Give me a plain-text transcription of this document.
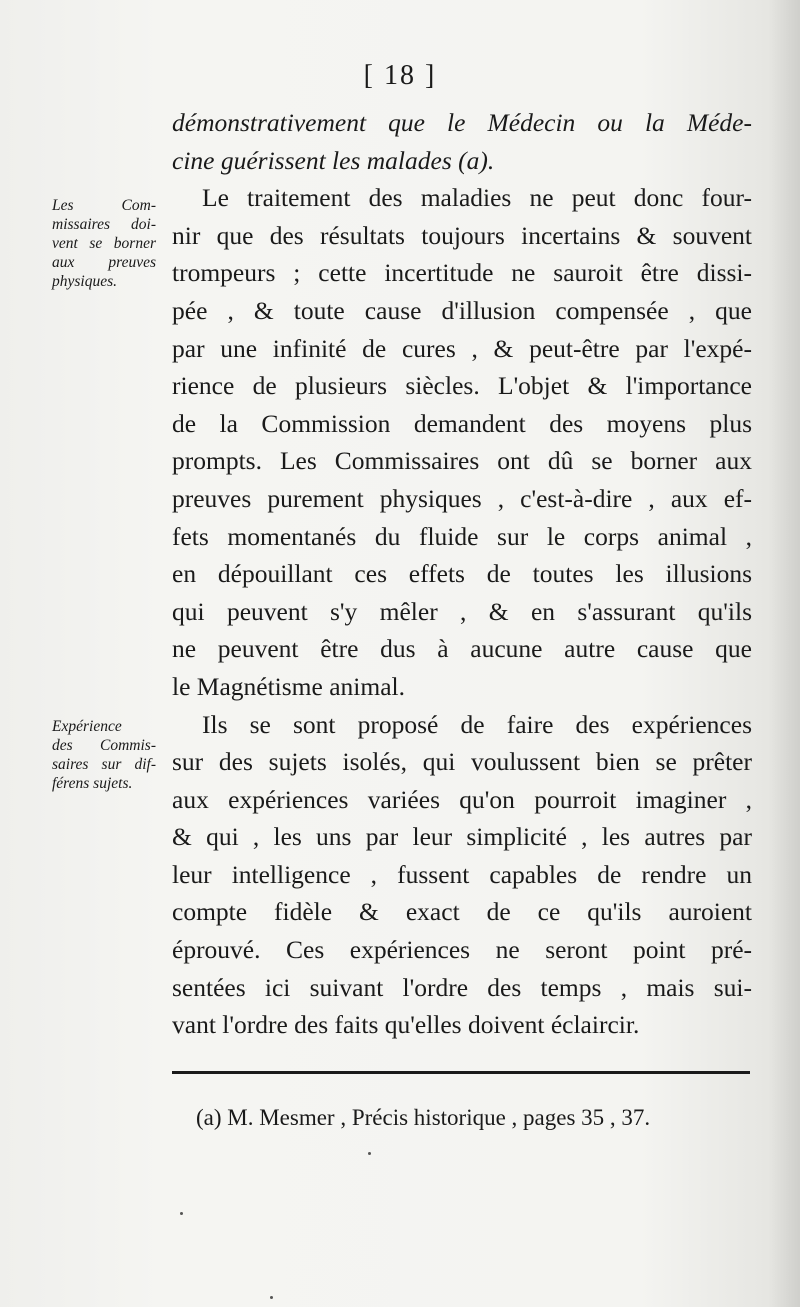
[ 18 ]
Les Com-
missaires doi-
vent se borner
aux preuves
physiques.
Expérience
des Commis-
saires sur dif-
férens sujets.
démonstrativement que le Médecin ou la Méde-
cine guérissent les malades (a).
Le traitement des maladies ne peut donc four-
nir que des résultats toujours incertains & souvent
trompeurs ; cette incertitude ne sauroit être dissi-
pée , & toute cause d'illusion compensée , que
par une infinité de cures , & peut-être par l'expé-
rience de plusieurs siècles. L'objet & l'importance
de la Commission demandent des moyens plus
prompts. Les Commissaires ont dû se borner aux
preuves purement physiques , c'est-à-dire , aux ef-
fets momentanés du fluide sur le corps animal ,
en dépouillant ces effets de toutes les illusions
qui peuvent s'y mêler , & en s'assurant qu'ils
ne peuvent être dus à aucune autre cause que
le Magnétisme animal.
Ils se sont proposé de faire des expériences
sur des sujets isolés, qui voulussent bien se prêter
aux expériences variées qu'on pourroit imaginer ,
& qui , les uns par leur simplicité , les autres par
leur intelligence , fussent capables de rendre un
compte fidèle & exact de ce qu'ils auroient
éprouvé. Ces expériences ne seront point pré-
sentées ici suivant l'ordre des temps , mais sui-
vant l'ordre des faits qu'elles doivent éclaircir.
(a) M. Mesmer , Précis historique , pages 35 , 37.
